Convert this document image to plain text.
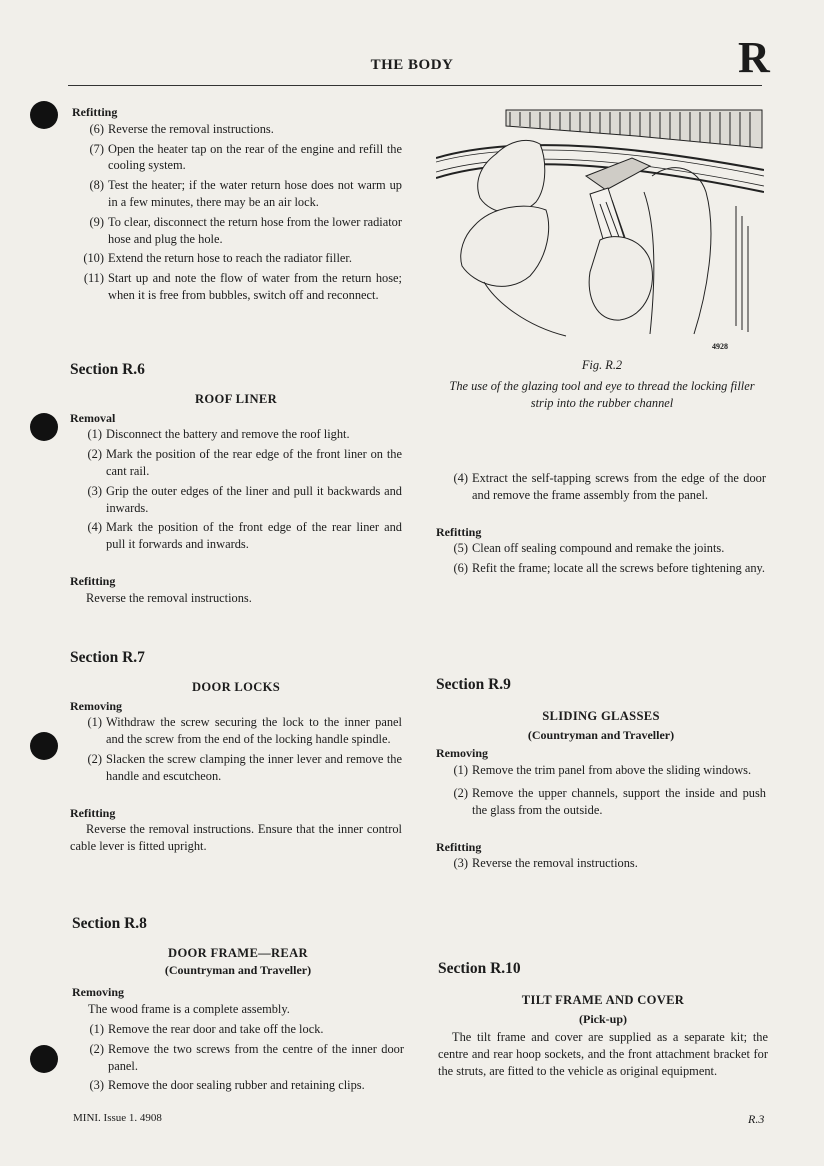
THE BODY	R
Refitting
(6) Reverse the removal instructions.
(7) Open the heater tap on the rear of the engine and refill the cooling system.
(8) Test the heater; if the water return hose does not warm up in a few minutes, there may be an air lock.
(9) To clear, disconnect the return hose from the lower radiator hose and plug the hole.
(10) Extend the return hose to reach the radiator filler.
(11) Start up and note the flow of water from the return hose; when it is free from bubbles, switch off and reconnect.
Section R.6
ROOF LINER
Removal
(1) Disconnect the battery and remove the roof light.
(2) Mark the position of the rear edge of the front liner on the cant rail.
(3) Grip the outer edges of the liner and pull it backwards and inwards.
(4) Mark the position of the front edge of the rear liner and pull it forwards and inwards.
Refitting
Reverse the removal instructions.
Section R.7
DOOR LOCKS
Removing
(1) Withdraw the screw securing the lock to the inner panel and the screw from the end of the locking handle spindle.
(2) Slacken the screw clamping the inner lever and remove the handle and escutcheon.
Refitting
Reverse the removal instructions. Ensure that the inner control cable lever is fitted upright.
Section R.8
DOOR FRAME—REAR
(Countryman and Traveller)
Removing
The wood frame is a complete assembly.
(1) Remove the rear door and take off the lock.
(2) Remove the two screws from the centre of the inner door panel.
(3) Remove the door sealing rubber and retaining clips.
4928
Fig. R.2
The use of the glazing tool and eye to thread the locking filler strip into the rubber channel
(4) Extract the self-tapping screws from the edge of the door and remove the frame assembly from the panel.
Refitting
(5) Clean off sealing compound and remake the joints.
(6) Refit the frame; locate all the screws before tightening any.
Section R.9
SLIDING GLASSES
(Countryman and Traveller)
Removing
(1) Remove the trim panel from above the sliding windows.
(2) Remove the upper channels, support the inside and push the glass from the outside.
Refitting
(3) Reverse the removal instructions.
Section R.10
TILT FRAME AND COVER
(Pick-up)
The tilt frame and cover are supplied as a separate kit; the centre and rear hoop sockets, and the front attachment bracket for the struts, are fitted to the vehicle as original equipment.
MINI. Issue 1. 4908	R.3
